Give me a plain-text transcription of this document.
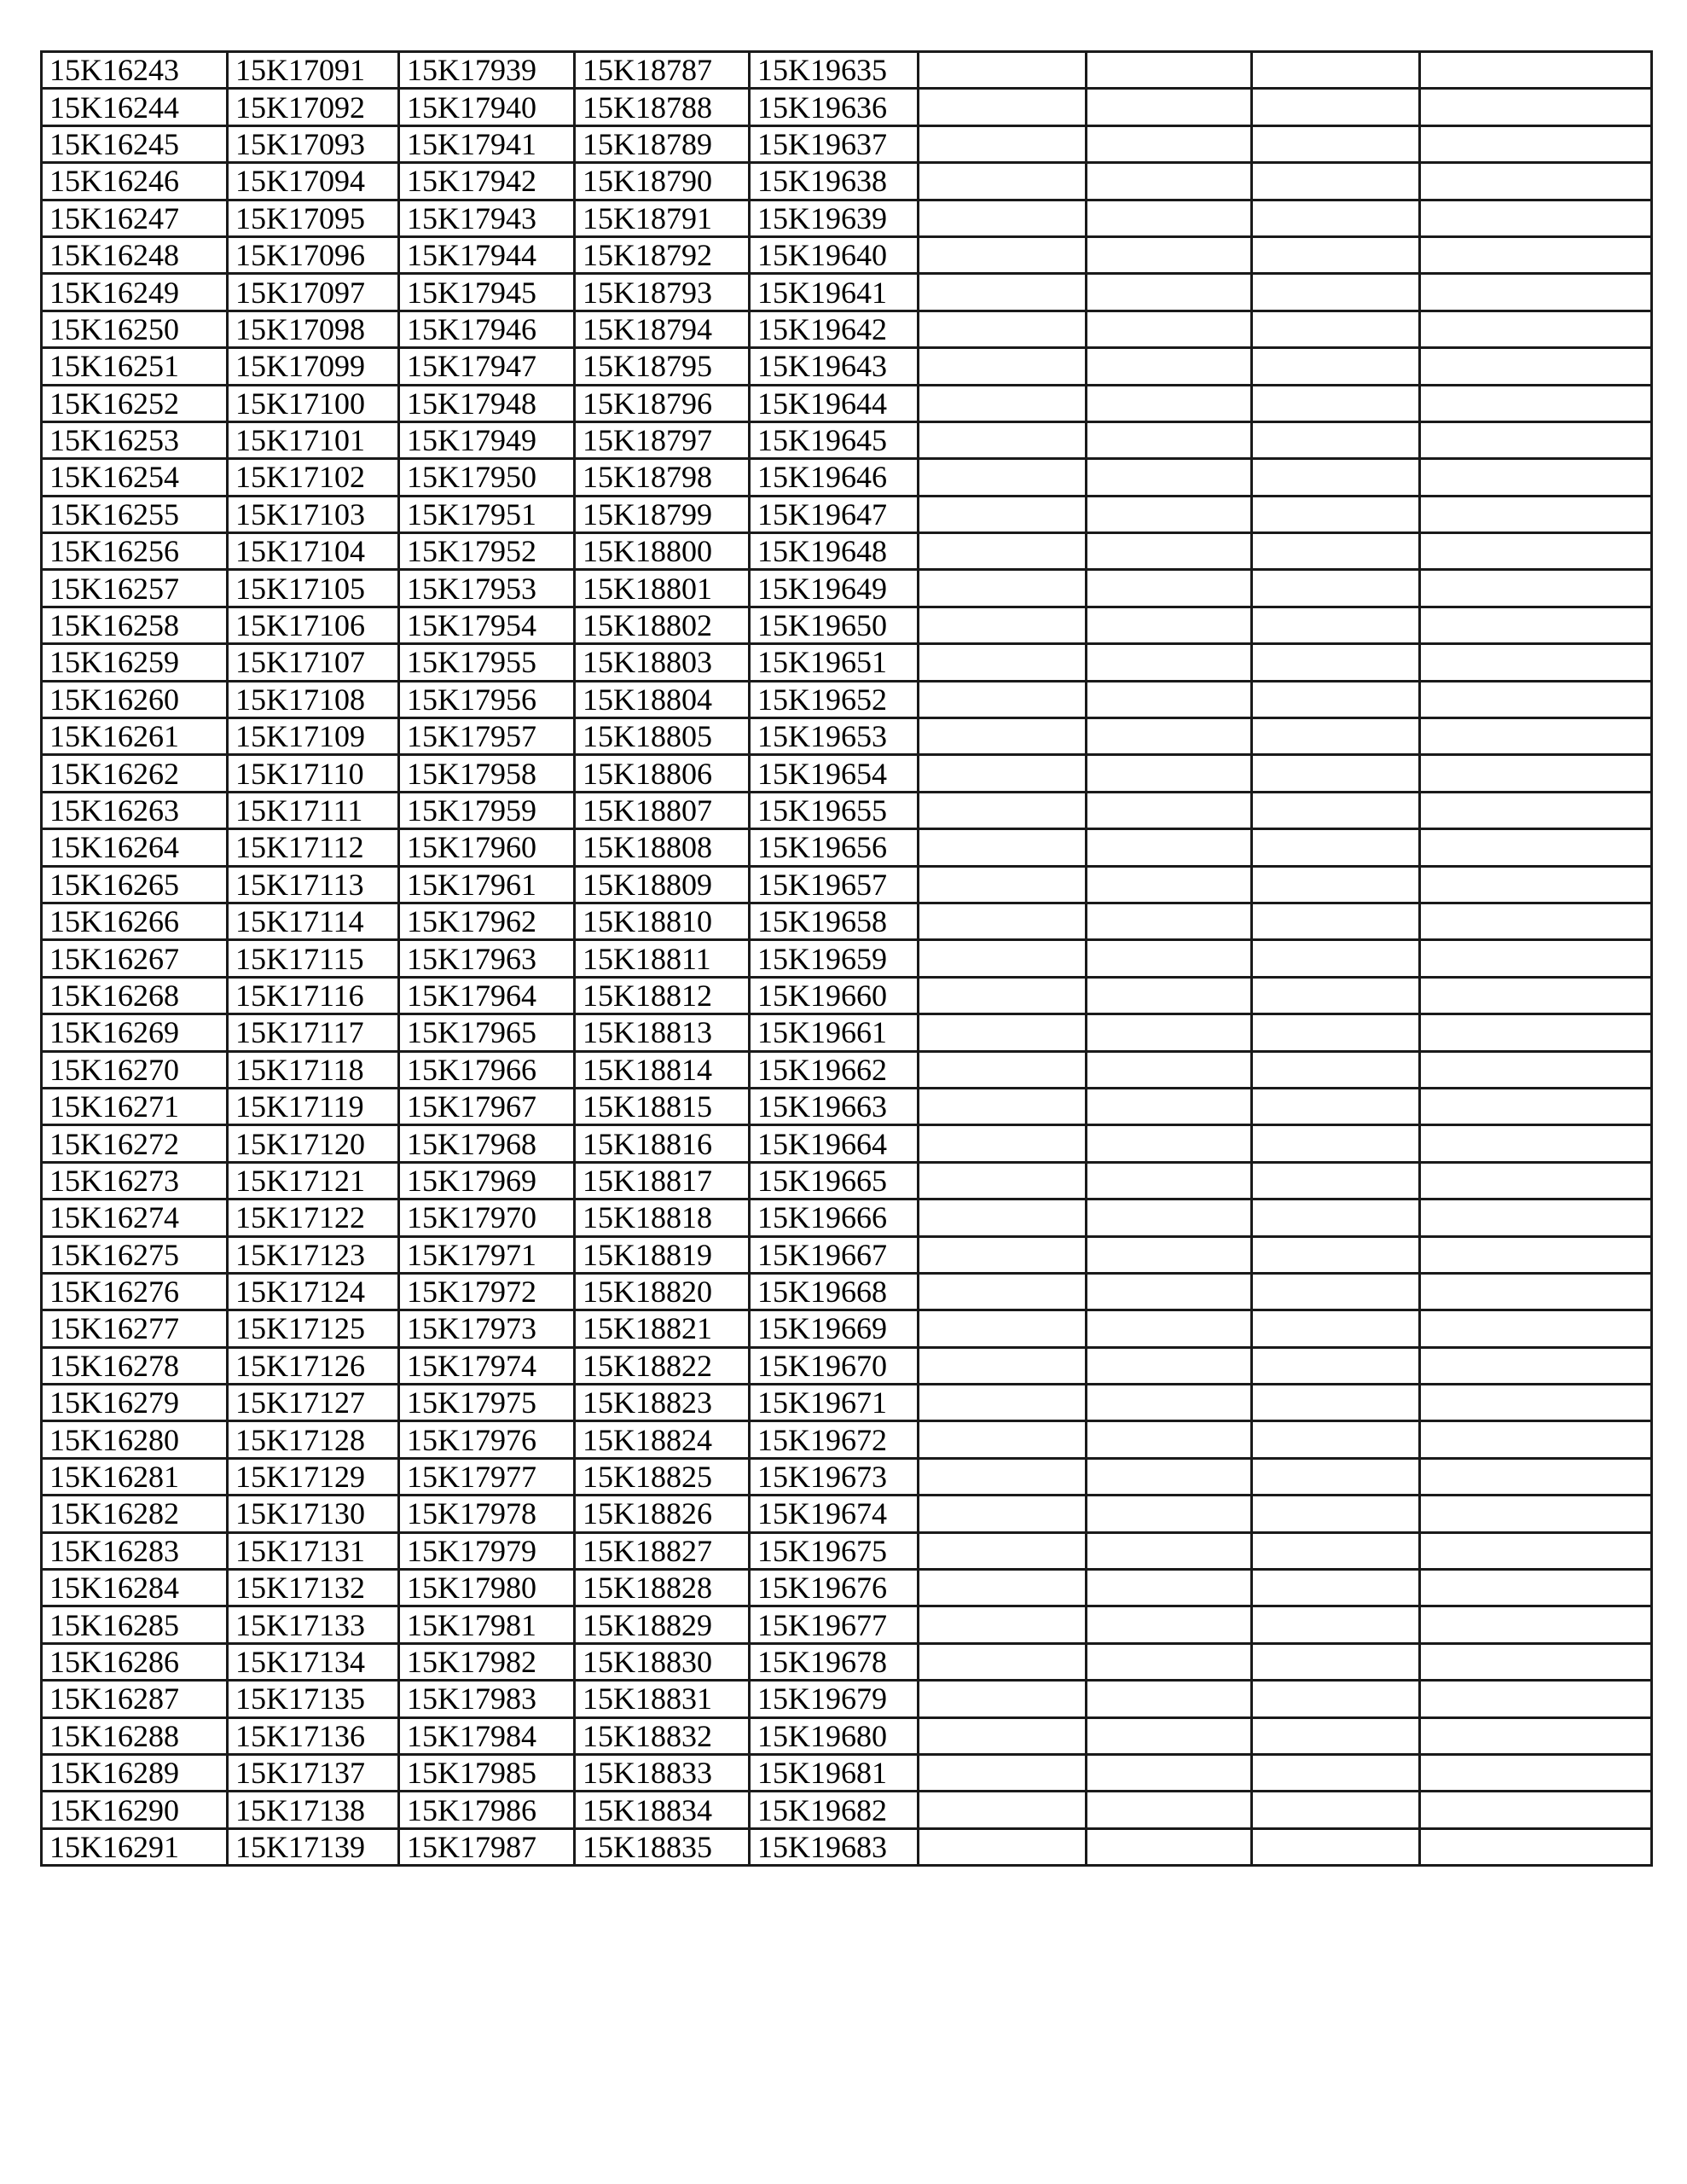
15K16243	15K17091	15K17939	15K18787	15K19635				
15K16244	15K17092	15K17940	15K18788	15K19636				
15K16245	15K17093	15K17941	15K18789	15K19637				
15K16246	15K17094	15K17942	15K18790	15K19638				
15K16247	15K17095	15K17943	15K18791	15K19639				
15K16248	15K17096	15K17944	15K18792	15K19640				
15K16249	15K17097	15K17945	15K18793	15K19641				
15K16250	15K17098	15K17946	15K18794	15K19642				
15K16251	15K17099	15K17947	15K18795	15K19643				
15K16252	15K17100	15K17948	15K18796	15K19644				
15K16253	15K17101	15K17949	15K18797	15K19645				
15K16254	15K17102	15K17950	15K18798	15K19646				
15K16255	15K17103	15K17951	15K18799	15K19647				
15K16256	15K17104	15K17952	15K18800	15K19648				
15K16257	15K17105	15K17953	15K18801	15K19649				
15K16258	15K17106	15K17954	15K18802	15K19650				
15K16259	15K17107	15K17955	15K18803	15K19651				
15K16260	15K17108	15K17956	15K18804	15K19652				
15K16261	15K17109	15K17957	15K18805	15K19653				
15K16262	15K17110	15K17958	15K18806	15K19654				
15K16263	15K17111	15K17959	15K18807	15K19655				
15K16264	15K17112	15K17960	15K18808	15K19656				
15K16265	15K17113	15K17961	15K18809	15K19657				
15K16266	15K17114	15K17962	15K18810	15K19658				
15K16267	15K17115	15K17963	15K18811	15K19659				
15K16268	15K17116	15K17964	15K18812	15K19660				
15K16269	15K17117	15K17965	15K18813	15K19661				
15K16270	15K17118	15K17966	15K18814	15K19662				
15K16271	15K17119	15K17967	15K18815	15K19663				
15K16272	15K17120	15K17968	15K18816	15K19664				
15K16273	15K17121	15K17969	15K18817	15K19665				
15K16274	15K17122	15K17970	15K18818	15K19666				
15K16275	15K17123	15K17971	15K18819	15K19667				
15K16276	15K17124	15K17972	15K18820	15K19668				
15K16277	15K17125	15K17973	15K18821	15K19669				
15K16278	15K17126	15K17974	15K18822	15K19670				
15K16279	15K17127	15K17975	15K18823	15K19671				
15K16280	15K17128	15K17976	15K18824	15K19672				
15K16281	15K17129	15K17977	15K18825	15K19673				
15K16282	15K17130	15K17978	15K18826	15K19674				
15K16283	15K17131	15K17979	15K18827	15K19675				
15K16284	15K17132	15K17980	15K18828	15K19676				
15K16285	15K17133	15K17981	15K18829	15K19677				
15K16286	15K17134	15K17982	15K18830	15K19678				
15K16287	15K17135	15K17983	15K18831	15K19679				
15K16288	15K17136	15K17984	15K18832	15K19680				
15K16289	15K17137	15K17985	15K18833	15K19681				
15K16290	15K17138	15K17986	15K18834	15K19682				
15K16291	15K17139	15K17987	15K18835	15K19683				
